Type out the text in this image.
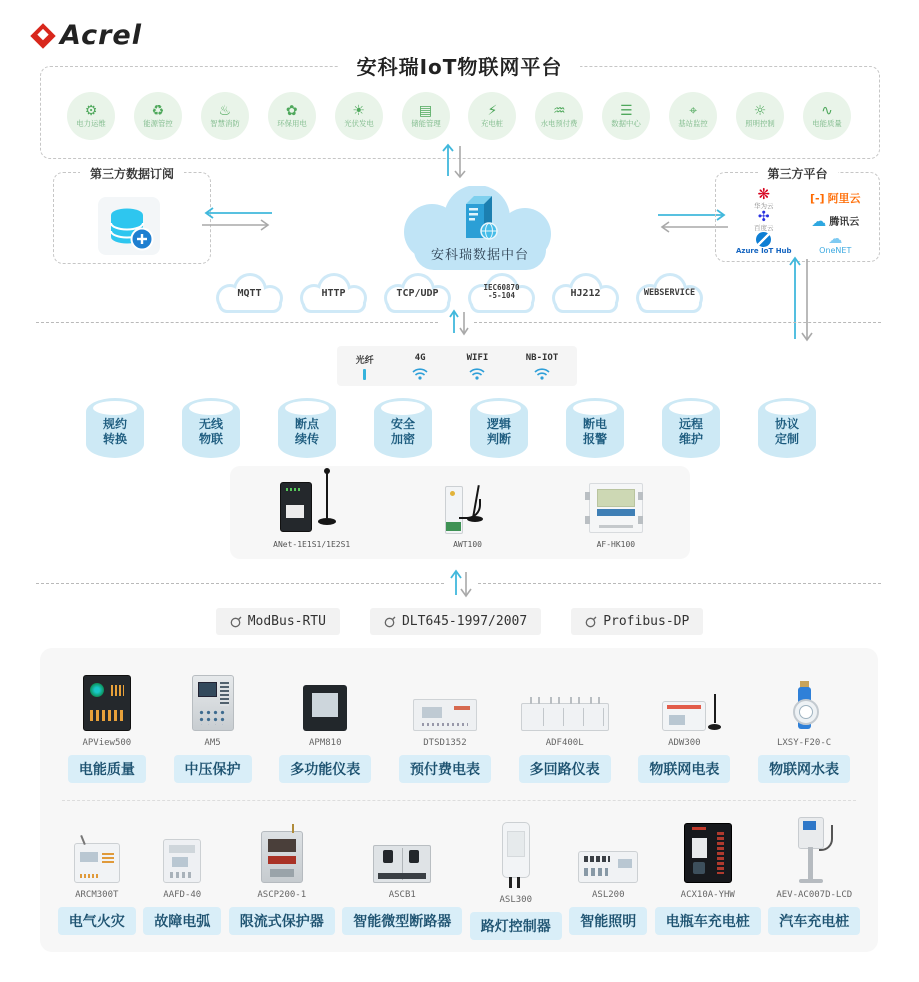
Acrel
安科瑞IoT物联网平台
⚙
电力运维
♻
能源管控
♨
智慧消防
✿
环保用电
☀
光伏发电
▤
储能管理
⚡
充电桩
♒
水电预付费
☰
数据中心
⌖
基站监控
☼
照明控制
∿
电能质量
第三方数据订阅
安科瑞数据中台
第三方平台
❋
华为云
[-] 阿里云
✣
百度云	☁ 腾讯云
Azure IoT Hub
☁
OneNET
MQTT	HTTP	TCP/UDP
IEC60870
-5-104	HJ212	WEBSERVICE
光纤	4G	WIFI	NB-IOT
规约
转换
无线
物联
断点
续传
安全
加密
逻辑
判断
断电
报警
远程
维护
协议
定制
ANet-1E1S1/1E2S1	AWT100	AF-HK100
ModBus-RTU	DLT645-1997/2007	Profibus-DP
APView500
电能质量
AM5
中压保护
APM810
多功能仪表
DTSD1352
预付费电表
ADF400L
多回路仪表
ADW300
物联网电表
LXSY-F20-C
物联网水表
ARCM300T
电气火灾
AAFD-40
故障电弧
ASCP200-1
限流式保护器
ASCB1
智能微型断路器
ASL300
路灯控制器
ASL200
智能照明
ACX10A-YHW
电瓶车充电桩
AEV-AC007D-LCD
汽车充电桩
